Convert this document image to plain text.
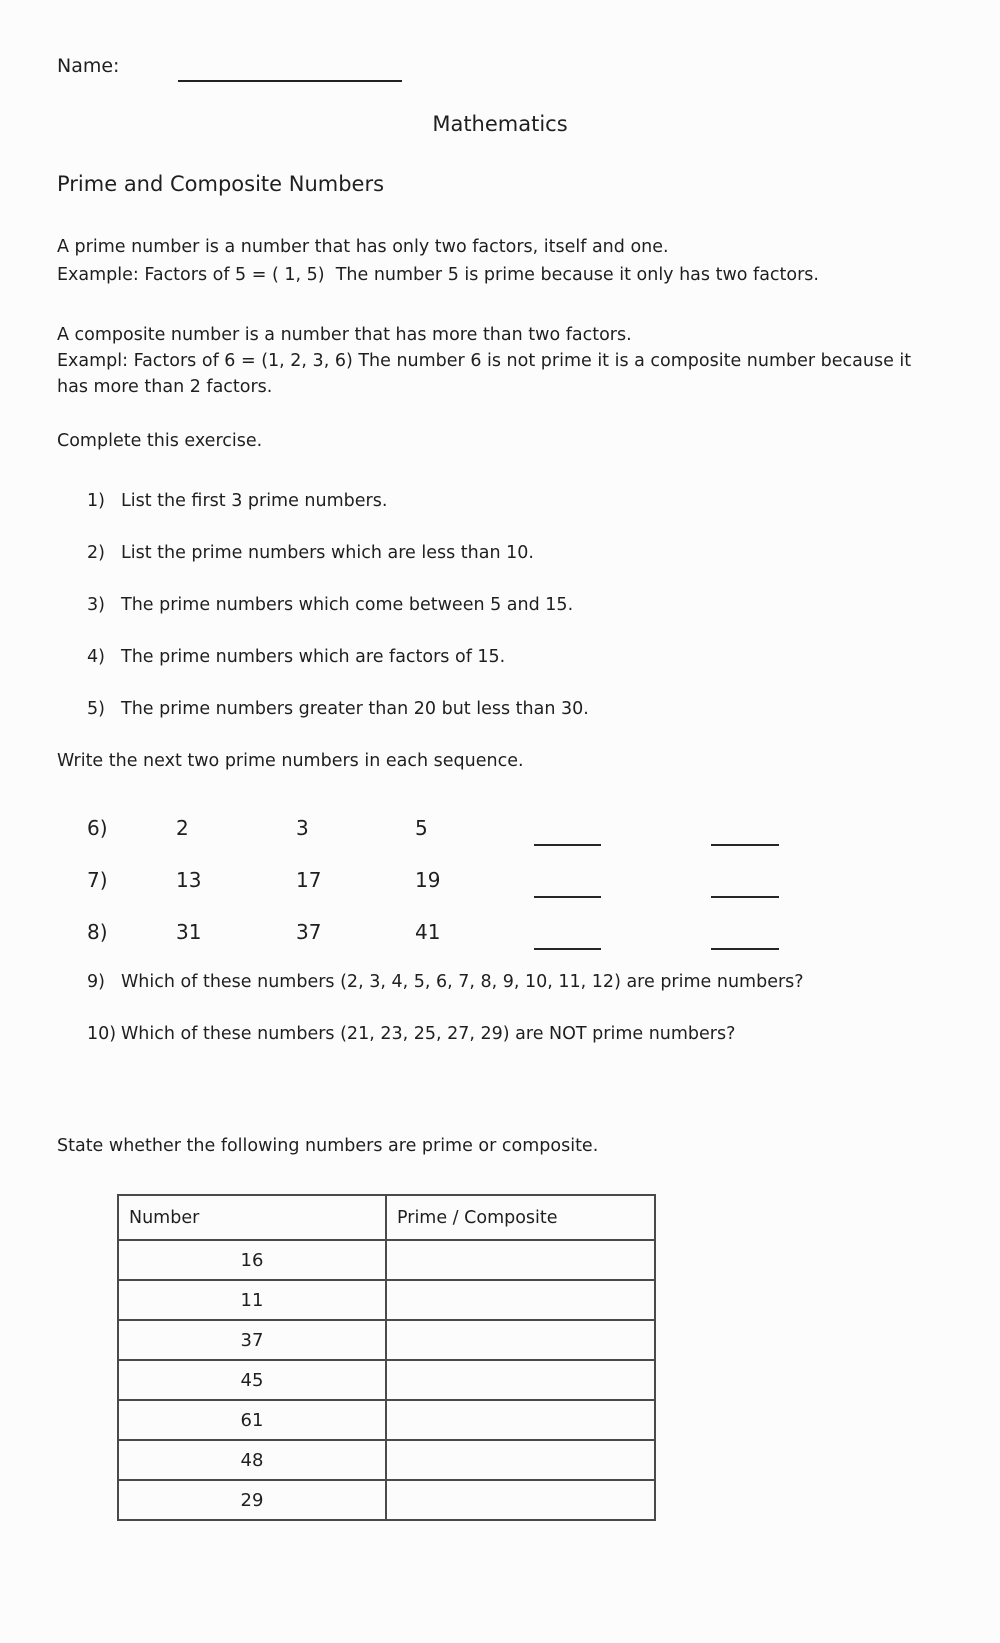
Name:
Mathematics
Prime and Composite Numbers
A prime number is a number that has only two factors, itself and one.
Example: Factors of 5 = ( 1, 5)  The number 5 is prime because it only has two factors.
A composite number is a number that has more than two factors.
Exampl: Factors of 6 = (1, 2, 3, 6) The number 6 is not prime it is a composite number because it
has more than 2 factors.
Complete this exercise.
1) List the first 3 prime numbers.
2) List the prime numbers which are less than 10.
3) The prime numbers which come between 5 and 15.
4) The prime numbers which are factors of 15.
5) The prime numbers greater than 20 but less than 30.
Write the next two prime numbers in each sequence.
6)	2	3	5
7)	13	17	19
8)	31	37	41
9) Which of these numbers (2, 3, 4, 5, 6, 7, 8, 9, 10, 11, 12) are prime numbers?
10) Which of these numbers (21, 23, 25, 27, 29) are NOT prime numbers?
State whether the following numbers are prime or composite.
Number	Prime / Composite
16	
11	
37	
45	
61	
48	
29	
